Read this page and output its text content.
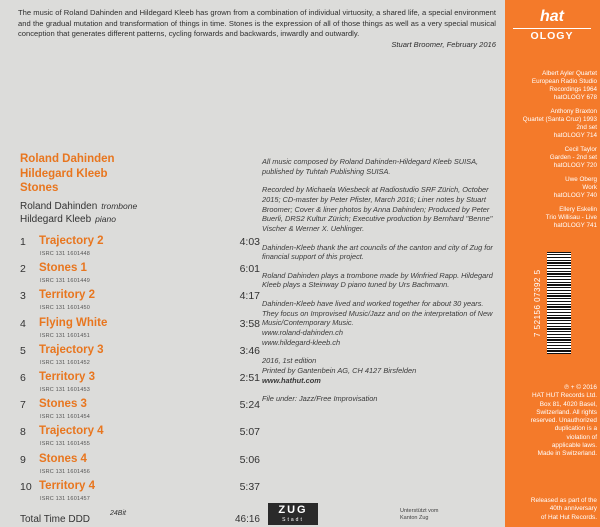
The music of Roland Dahinden and Hildegard Kleeb has grown from a combination of individual virtuosity, a shared life, a special environment and the gradual mutation and transformation of things in time. Stones is the expression of all of those things as well as a very special musical conception that generates different patterns, cycling forwards and backwards, inwardly and outwardly.
Stuart Broomer, February 2016
Roland Dahinden
Hildegard Kleeb
Stones
Roland Dahinden trombone
Hildegard Kleeb piano
1 Trajectory 2	4:03
ISRC 131 1601448
2 Stones 1	6:01
ISRC 131 1601449
3 Territory 2	4:17
ISRC 131 1601450
4 Flying White	3:58
ISRC 131 1601451
5 Trajectory 3	3:46
ISRC 131 1601452
6 Territory 3	2:51
ISRC 131 1601453
7 Stones 3	5:24
ISRC 131 1601454
8 Trajectory 4	5:07
ISRC 131 1601455
9 Stones 4	5:06
ISRC 131 1601456
10 Territory 4	5:37
ISRC 131 1601457
Total Time DDD
24Bit
46:16

All music composed by Roland Dahinden-Hildegard Kleeb SUISA, published by Tuhtah Publishing SUISA.

Recorded by Michaela Wiesbeck at Radiostudio SRF Zürich, October 2015; CD-master by Peter Pfister, March 2016; Liner notes by Stuart Broomer; Cover & liner photos by Anna Dahinden; Produced by Peter Buerli, DRS2 Kultur Zürich; Executive production by Bernhard "Benne" Vischer & Werner X. Uehlinger.

Dahinden-Kleeb thank the art councils of the canton and city of Zug for financial support of this project.

Roland Dahinden plays a trombone made by Winfried Rapp. Hildegard Kleeb plays a Steinway D piano tuned by Urs Bachmann.

Dahinden-Kleeb have lived and worked together for about 30 years. They focus on Improvised Music/Jazz and on the interpretation of New Music/Contemporary Music.
www.roland-dahinden.ch
www.hildegard-kleeb.ch

2016, 1st edition
Printed by Gantenbein AG, CH 4127 Birsfelden
www.hathut.com

File under: Jazz/Free Improvisation

ZUG
Stadt
Unterstützt vom
Kanton Zug
hat
OLOGY
Albert Ayler Quartet
European Radio Studio
Recordings 1964
hatOLOGY 678
Anthony Braxton
Quartet (Santa Cruz) 1993
2nd set
hatOLOGY 714
Cecil Taylor
Garden - 2nd set
hatOLOGY 720
Uwe Oberg
Work
hatOLOGY 740
Ellery Eskelin
Trio Willisau - Live
hatOLOGY 741
7 52156 07392 5
℗ + © 2016
HAT HUT Records Ltd.
Box 81, 4020 Basel,
Switzerland. All rights
reserved. Unauthorized
duplication is a
violation of
applicable laws.
Made in Switzerland.
Released as part of the
40th anniversary
of Hat Hut Records.
